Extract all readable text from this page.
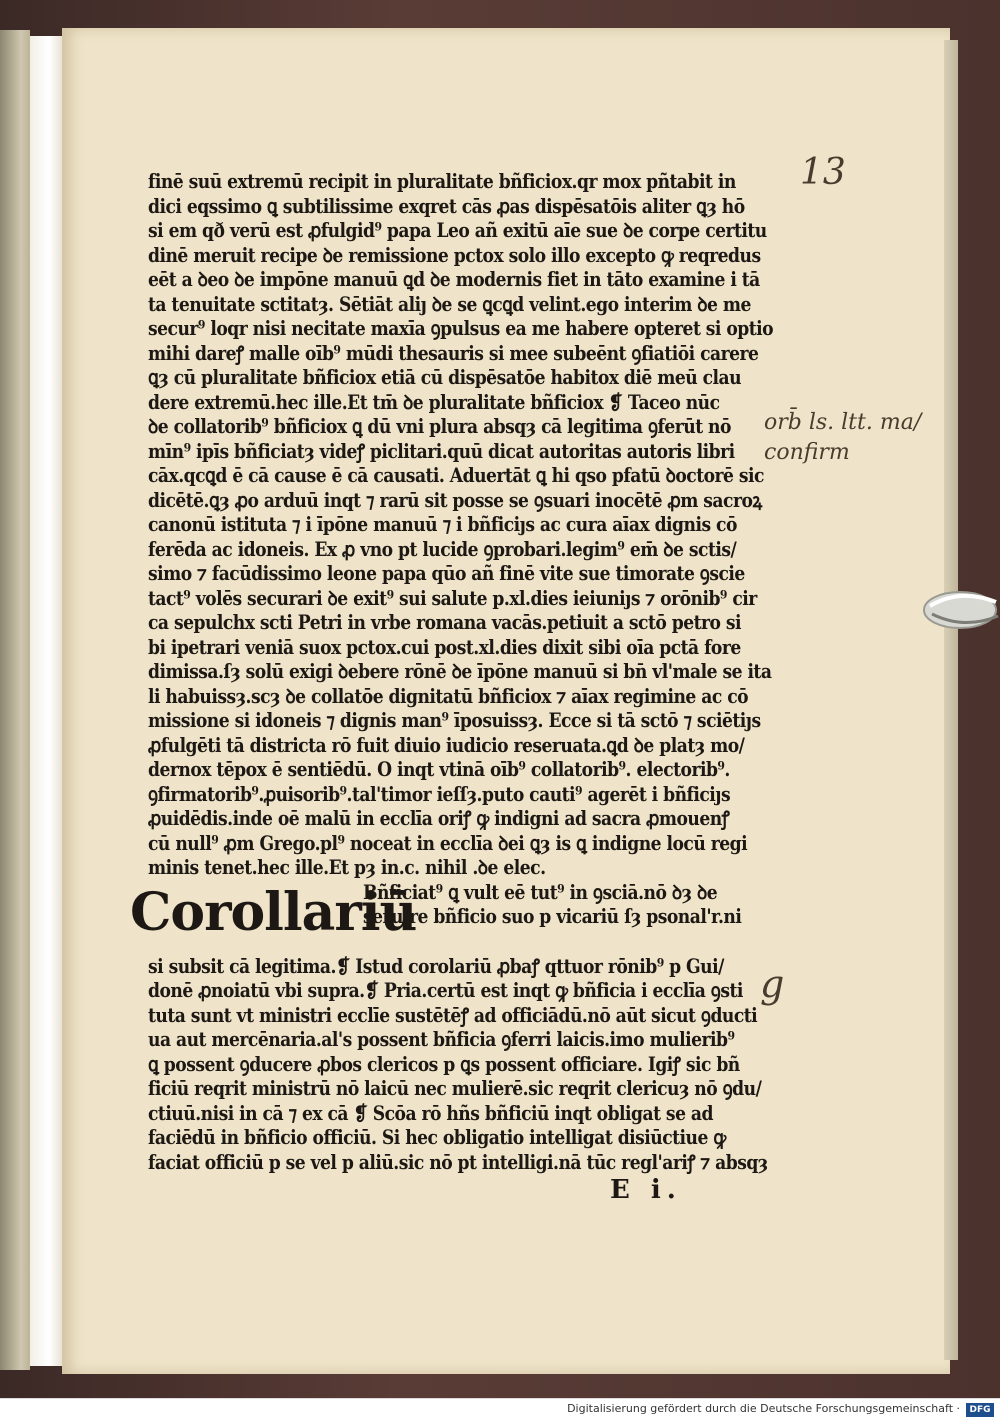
finē suū extremū recipit in pluralitate bñficiox.qr mox pñtabit in
dici eqssimo ꝗ subtilissime exqret cās ꝓas dispēsatōis aliter ꝗȝ hō
si em qð verū est ꝓfulgid⁹ papa Leo añ exitū aīe sue ꝺe corpe certitu
dinē meruit recipe ꝺe remissione pctox solo illo excepto ꝙ reqredus
eēt a ꝺeo ꝺe impōne manuū ꝗd ꝺe modernis fiet in tāto examine i tā
ta tenuitate sctitatȝ. Sētiāt aliȷ ꝺe se ꝗcꝗd velint.ego interim ꝺe me
secur⁹ loqr nisi necitate maxīa ꝯpulsus ea me habere opteret si optio
mihi dareꝭ malle oīb⁹ mūdi thesauris si mee subeēnt ꝯfiatiōi carere
ꝗȝ cū pluralitate bñficiox etiā cū dispēsatōe habitox diē meū clau
dere extremū.hec ille.Et tm̄ ꝺe pluralitate bñficiox ❡ Taceo nūc
ꝺe collatorib⁹ bñficiox ꝗ dū vni plura absqȝ cā legitima ꝯferūt nō
mīn⁹ ipīs bñficiatȝ videꝭ piclitari.quū dicat autoritas autoris libri
cāx.qcꝗd ē cā cause ē cā causati. Aduertāt ꝗ hi qso pfatū ꝺoctorē sic
dicētē.ꝗȝ ꝓo arduū inqt ⁊ rarū sit posse se ꝯsuari inocētē ꝓm sacroꝝ
canonū istituta ⁊ i īpōne manuū ⁊ i bñficiȷs ac cura aīax dignis cō
ferēda ac idoneis. Ex ꝓ vno pt lucide ꝯprobari.legim⁹ em̄ ꝺe sctis/
simo ⁊ facūdissimo leone papa qūo añ finē vite sue timorate ꝯscie
tact⁹ volēs securari ꝺe exit⁹ sui salute p.xl.dies ieiuniȷs ⁊ orōnib⁹ cir
ca sepulchx scti Petri in vrbe romana vacās.petiuit a sctō petro si
bi ipetrari veniā suox pctox.cui post.xl.dies dixit sibi oīa pctā fore
dimissa.ſȝ solū exigi ꝺebere rōnē ꝺe īpōne manuū si bn̄ vl'male se ita
li habuissȝ.scȝ ꝺe collatōe dignitatū bñficiox ⁊ aīax regimine ac cō
missione si idoneis ⁊ dignis man⁹ īposuissȝ. Ecce si tā sctō ⁊ sciētiȷs
ꝓfulgēti tā districta rō fuit diuio iudicio reseruata.ꝗd ꝺe platȝ mo/
dernox tēpox ē sentiēdū. O inqt vtinā oīb⁹ collatorib⁹. electorib⁹.
ꝯfirmatorib⁹.ꝓuisorib⁹.tal'timor ieſſȝ.puto cauti⁹ agerēt i bñficiȷs
ꝓuidēdis.inde oē malū in ecclīa oriꝭ ꝙ indigni ad sacra ꝓmouenꝭ
cū null⁹ ꝓm Grego.pl⁹ noceat in ecclīa ꝺei ꝗȝ is ꝗ indigne locū regi
minis tenet.hec ille.Et pȝ in.c. nihil .ꝺe elec.
Corollariū
Bñficiat⁹ ꝗ vult eē tut⁹ in ꝯsciā.nō ꝺȝ ꝺe
seruire bñficio suo p vicariū ſȝ psonal'r.ni
si subsit cā legitima.❡ Istud corolariū ꝓbaꝭ qttuor rōnib⁹ p Gui/
donē ꝓnoiatū vbi supra.❡ Pria.certū est inqt ꝙ bñficia i ecclīa ꝯsti
tuta sunt vt ministri ecclīe sustētēꝭ ad officiādū.nō aūt sicut ꝯducti
ua aut mercēnaria.al's possent bñficia ꝯferri laicis.imo mulierib⁹
ꝗ possent ꝯducere ꝓbos clericos p ꝗs possent officiare. Igiꝭ sic bñ
ficiū reqrit ministrū nō laicū nec mulierē.sic reqrit clericuȝ nō ꝯdu/
ctiuū.nisi in cā ⁊ ex cā ❡ Scōa rō hñs bñficiū inqt obligat se ad
faciēdū in bñficio officiū. Si hec obligatio intelligat disiūctiue ꝙ
faciat officiū p se vel p aliū.sic nō pt intelligi.nā tūc regl'ariꝭ ⁊ absqȝ
E i.
13
orb̄ ls. ltt. ma/ confirm
g
Digitalisierung gefördert durch die Deutsche Forschungsgemeinschaft ·	DFG
